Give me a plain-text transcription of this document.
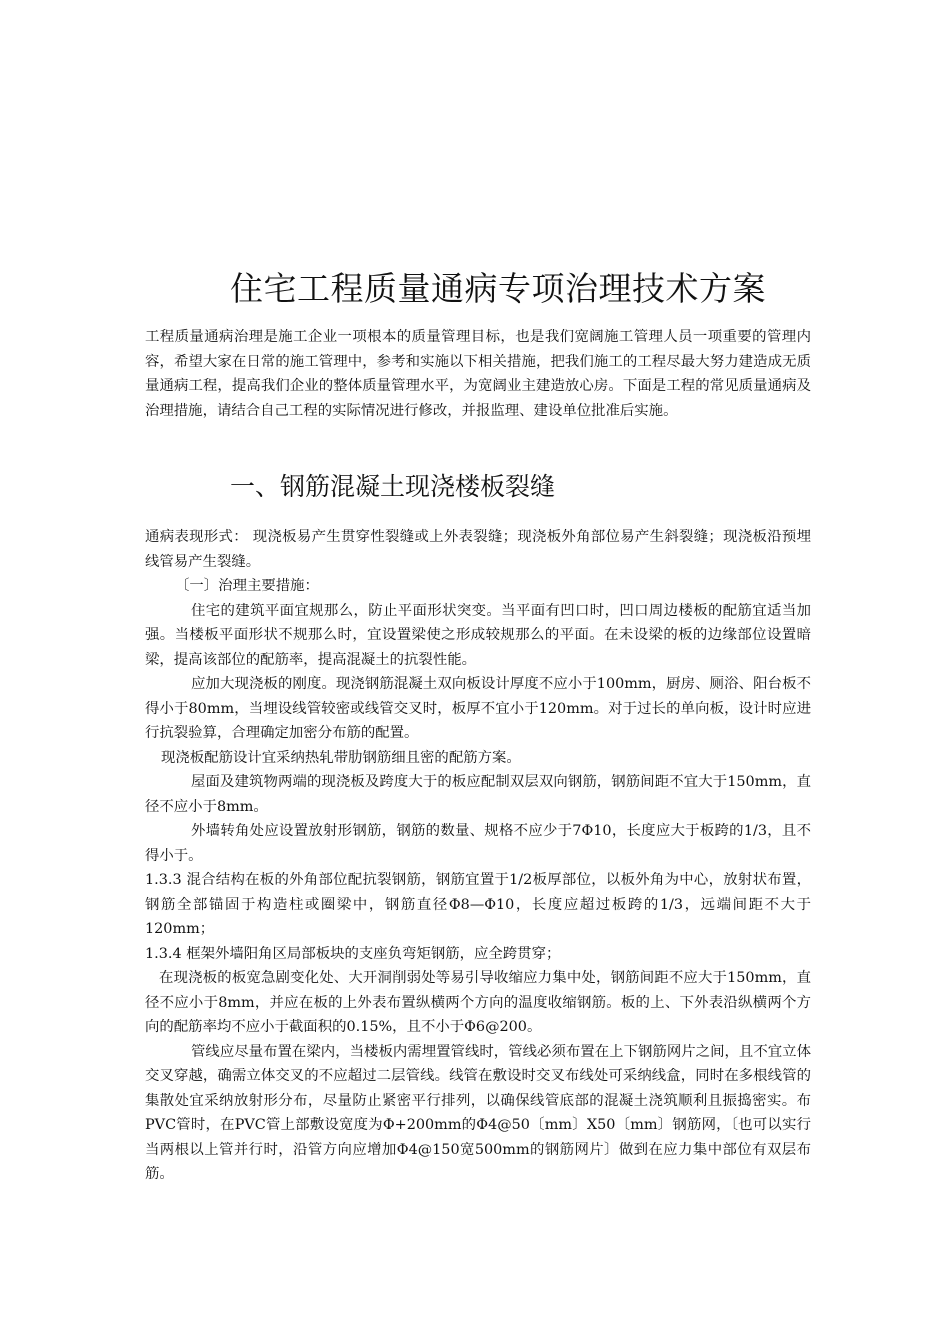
住宅工程质量通病专项治理技术方案

工程质量通病治理是施工企业一项根本的质量管理目标，也是我们宽阔施工管理人员一项重要的管理内容，希望大家在日常的施工管理中，参考和实施以下相关措施，把我们施工的工程尽最大努力建造成无质量通病工程，提高我们企业的整体质量管理水平，为宽阔业主建造放心房。下面是工程的常见质量通病及治理措施，请结合自己工程的实际情况进行修改，并报监理、建设单位批准后实施。

一、钢筋混凝土现浇楼板裂缝

通病表现形式： 现浇板易产生贯穿性裂缝或上外表裂缝；现浇板外角部位易产生斜裂缝；现浇板沿预埋线管易产生裂缝。

〔一〕治理主要措施：

住宅的建筑平面宜规那么，防止平面形状突变。当平面有凹口时，凹口周边楼板的配筋宜适当加强。当楼板平面形状不规那么时，宜设置梁使之形成较规那么的平面。在未设梁的板的边缘部位设置暗梁，提高该部位的配筋率，提高混凝土的抗裂性能。

应加大现浇板的刚度。现浇钢筋混凝土双向板设计厚度不应小于100mm，厨房、厕浴、阳台板不得小于80mm，当埋设线管较密或线管交叉时，板厚不宜小于120mm。对于过长的单向板，设计时应进行抗裂验算，合理确定加密分布筋的配置。

现浇板配筋设计宜采纳热轧带肋钢筋细且密的配筋方案。

屋面及建筑物两端的现浇板及跨度大于的板应配制双层双向钢筋，钢筋间距不宜大于150mm，直径不应小于8mm。

外墙转角处应设置放射形钢筋，钢筋的数量、规格不应少于7Φ10，长度应大于板跨的1/3，且不得小于。

1.3.3 混合结构在板的外角部位配抗裂钢筋，钢筋宜置于1/2板厚部位，以板外角为中心，放射状布置，钢筋全部锚固于构造柱或圈梁中，钢筋直径Φ8—Φ10，长度应超过板跨的1/3，远端间距不大于120mm；

1.3.4 框架外墙阳角区局部板块的支座负弯矩钢筋，应全跨贯穿；

在现浇板的板宽急剧变化处、大开洞削弱处等易引导收缩应力集中处，钢筋间距不应大于150mm，直径不应小于8mm，并应在板的上外表布置纵横两个方向的温度收缩钢筋。板的上、下外表沿纵横两个方向的配筋率均不应小于截面积的0.15%，且不小于Φ6@200。

管线应尽量布置在梁内，当楼板内需埋置管线时，管线必须布置在上下钢筋网片之间，且不宜立体交叉穿越，确需立体交叉的不应超过二层管线。线管在敷设时交叉布线处可采纳线盒，同时在多根线管的集散处宜采纳放射形分布，尽量防止紧密平行排列，以确保线管底部的混凝土浇筑顺利且振捣密实。布PVC管时，在PVC管上部敷设宽度为Φ+200mm的Φ4@50〔mm〕X50〔mm〕钢筋网，〔也可以实行当两根以上管并行时，沿管方向应增加Φ4@150宽500mm的钢筋网片〕做到在应力集中部位有双层布筋。
